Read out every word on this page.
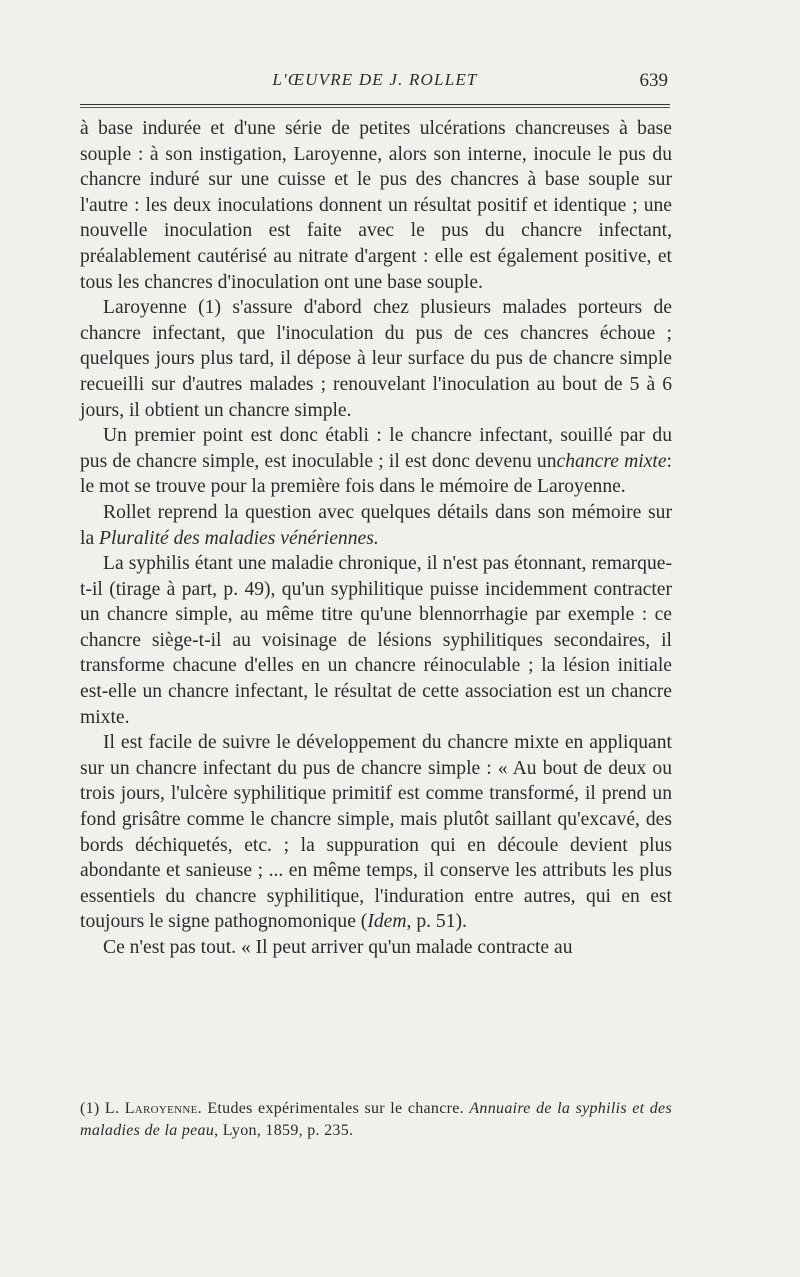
L'ŒUVRE DE J. ROLLET	639

à base indurée et d'une série de petites ulcérations chancreuses à base souple : à son instigation, Laroyenne, alors son interne, inocule le pus du chancre induré sur une cuisse et le pus des chancres à base souple sur l'autre : les deux inoculations donnent un résultat positif et identique ; une nouvelle inoculation est faite avec le pus du chancre infectant, préalablement cautérisé au nitrate d'argent : elle est également positive, et tous les chancres d'inoculation ont une base souple.

Laroyenne (1) s'assure d'abord chez plusieurs malades porteurs de chancre infectant, que l'inoculation du pus de ces chancres échoue ; quelques jours plus tard, il dépose à leur surface du pus de chancre simple recueilli sur d'autres malades ; renouvelant l'inoculation au bout de 5 à 6 jours, il obtient un chancre simple.

Un premier point est donc établi : le chancre infectant, souillé par du pus de chancre simple, est inoculable ; il est donc devenu unchancre mixte: le mot se trouve pour la première fois dans le mémoire de Laroyenne.

Rollet reprend la question avec quelques détails dans son mémoire sur la Pluralité des maladies vénériennes.

La syphilis étant une maladie chronique, il n'est pas étonnant, remarque-t-il (tirage à part, p. 49), qu'un syphilitique puisse incidemment contracter un chancre simple, au même titre qu'une blennorrhagie par exemple : ce chancre siège-t-il au voisinage de lésions syphilitiques secondaires, il transforme chacune d'elles en un chancre réinoculable ; la lésion initiale est-elle un chancre infectant, le résultat de cette association est un chancre mixte.

Il est facile de suivre le développement du chancre mixte en appliquant sur un chancre infectant du pus de chancre simple : « Au bout de deux ou trois jours, l'ulcère syphilitique primitif est comme transformé, il prend un fond grisâtre comme le chancre simple, mais plutôt saillant qu'excavé, des bords déchiquetés, etc. ; la suppuration qui en découle devient plus abondante et sanieuse ; ... en même temps, il conserve les attributs les plus essentiels du chancre syphilitique, l'induration entre autres, qui en est toujours le signe pathognomonique (Idem, p. 51).

Ce n'est pas tout. « Il peut arriver qu'un malade contracte au

(1) L. Laroyenne. Etudes expérimentales sur le chancre. Annuaire de la syphilis et des maladies de la peau, Lyon, 1859, p. 235.
